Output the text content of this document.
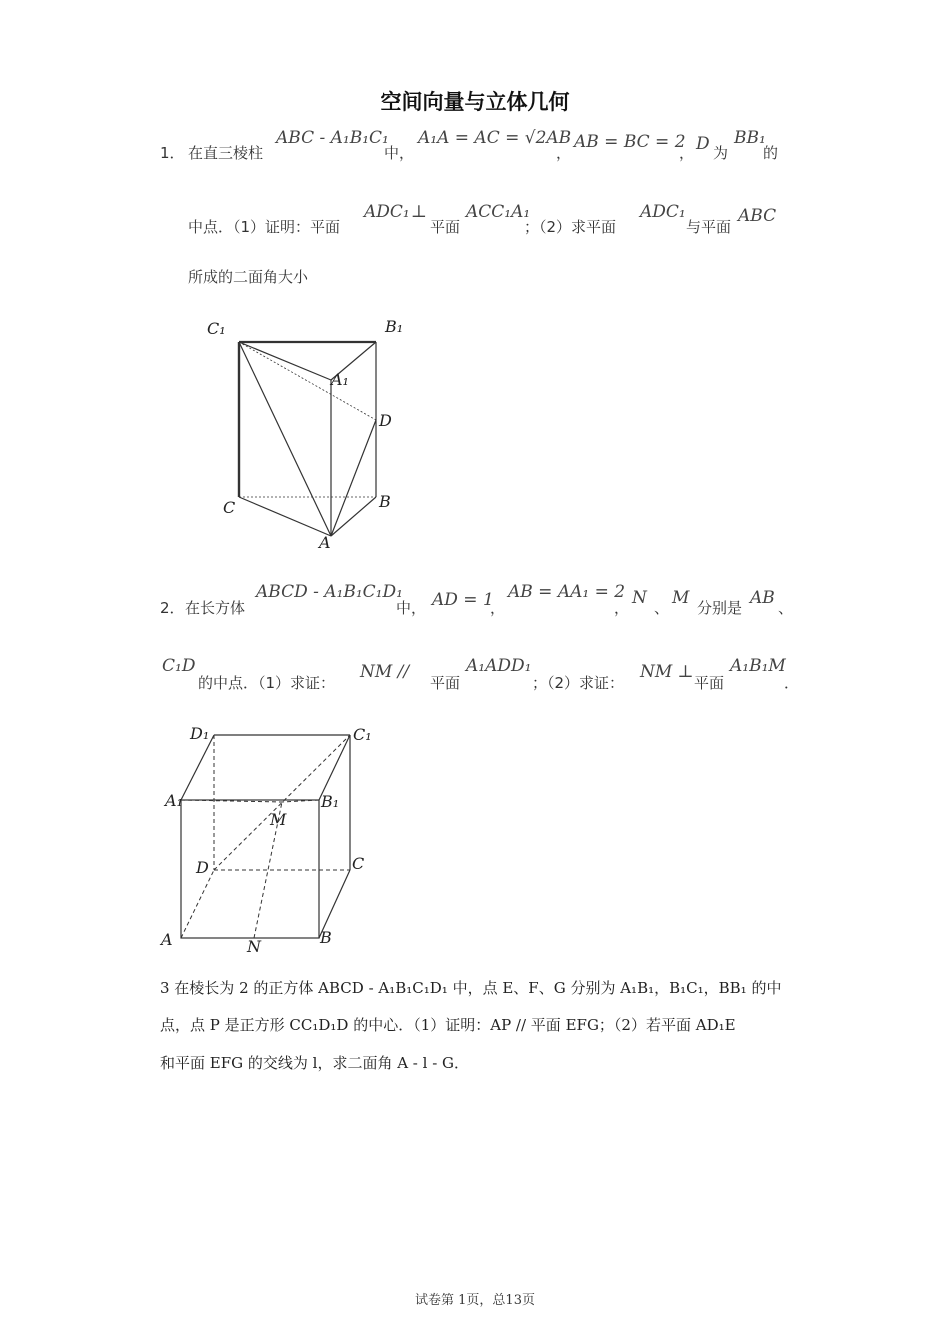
空间向量与立体几何
1． 在直三棱柱
ABC - A₁B₁C₁
中，
A₁A = AC = √2AB
，
AB = BC = 2
， D 为
BB₁
的
中点．（1）证明：平面
ADC₁ ⊥
平面
ACC₁A₁
；（2）求平面
ADC₁
与平面
ABC
所成的二面角大小
C₁	B₁
A₁
D
C	B
A
2． 在长方体
ABCD - A₁B₁C₁D₁
中， AD = 1
，
AB = AA₁ = 2
， N 、 M 分别是 AB 、
C₁D
的中点．（1）求证：
NM //
平面
A₁ADD₁
；（2）求证：
NM ⊥
平面
A₁B₁M
．
D₁	C₁
A₁	B₁
M
D	C
A	N	B
3 在棱长为 2 的正方体 ABCD - A₁B₁C₁D₁ 中，点 E、F、G 分别为 A₁B₁，B₁C₁，BB₁ 的中
点，点 P 是正方形 CC₁D₁D 的中心．（1）证明：AP // 平面 EFG；（2）若平面 AD₁E
和平面 EFG 的交线为 l，求二面角 A - l - G．
试卷第 1页，总13页
